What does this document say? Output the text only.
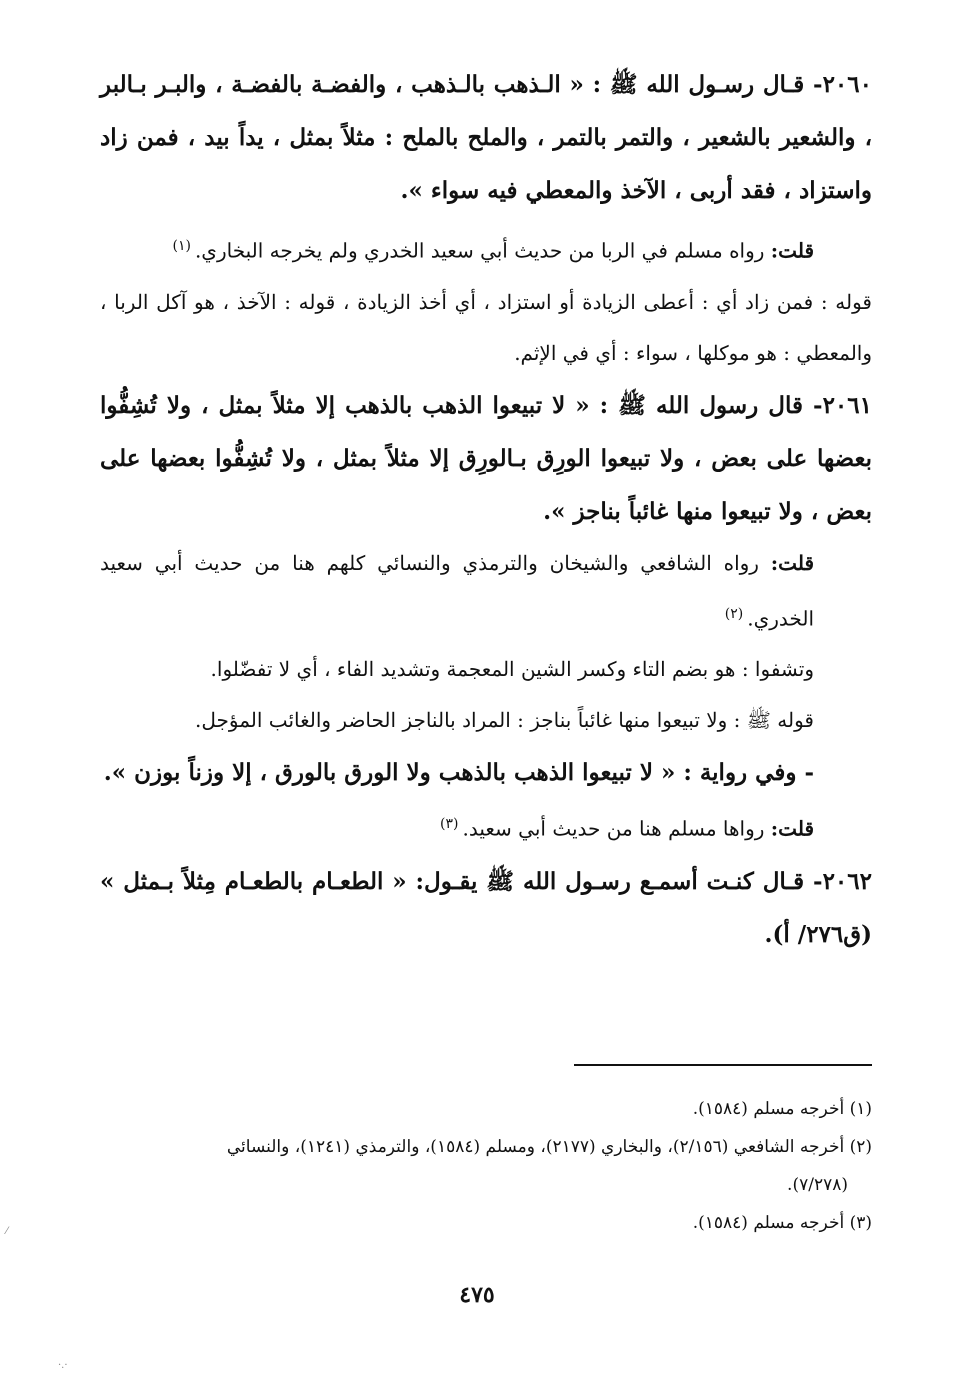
٢٠٦٠- قـال رسـول الله ﷺ : « الـذهب بالـذهب ، والفضـة بالفضـة ، والبـر بـالبر ، والشعير بالشعير ، والتمر بالتمر ، والملح بالملح : مثلاً بمثل ، يداً بيد ، فمن زاد واستزاد ، فقد أربى ، الآخذ والمعطي فيه سواء ».

قلت: رواه مسلم في الربا من حديث أبي سعيد الخدري ولم يخرجه البخاري.$^{(١)}$

قوله : فمن زاد أي : أعطى الزيادة أو استزاد ، أي أخذ الزيادة ، قوله : الآخذ ، هو آكل الربا ، والمعطي : هو موكلها ، سواء : أي في الإثم.

٢٠٦١- قال رسول الله ﷺ : « لا تبيعوا الذهب بالذهب إلا مثلاً بمثل ، ولا تُشِفُّوا بعضها على بعض ، ولا تبيعوا الورِق بـالورِق إلا مثلاً بمثل ، ولا تُشِفُّوا بعضها على بعض ، ولا تبيعوا منها غائباً بناجز ».

قلت: رواه الشافعي والشيخان والترمذي والنسائي كلهم هنا من حديث أبي سعيد الخدري.$^{(٢)}$

وتشفوا : هو بضم التاء وكسر الشين المعجمة وتشديد الفاء ، أي لا تفضّلوا.

قوله ﷺ : ولا تبيعوا منها غائباً بناجز : المراد بالناجز الحاضر والغائب المؤجل.

- وفي رواية : « لا تبيعوا الذهب بالذهب ولا الورق بالورق ، إلا وزناً بوزن ».

قلت: رواها مسلم هنا من حديث أبي سعيد.$^{(٣)}$

٢٠٦٢- قـال كنـت أسمـع رسـول الله ﷺ يقـول: « الطعـام بالطعـام مِثلاً بـمثل » (ق٢٧٦/ أ).

(١) أخرجه مسلم (١٥٨٤).

(٢) أخرجه الشافعي (٢/١٥٦)، والبخاري (٢١٧٧)، ومسلم (١٥٨٤)، والترمذي (١٢٤١)، والنسائي

(٧/٢٧٨).

(٣) أخرجه مسلم (١٥٨٤).

٤٧٥
⁄
·.·
